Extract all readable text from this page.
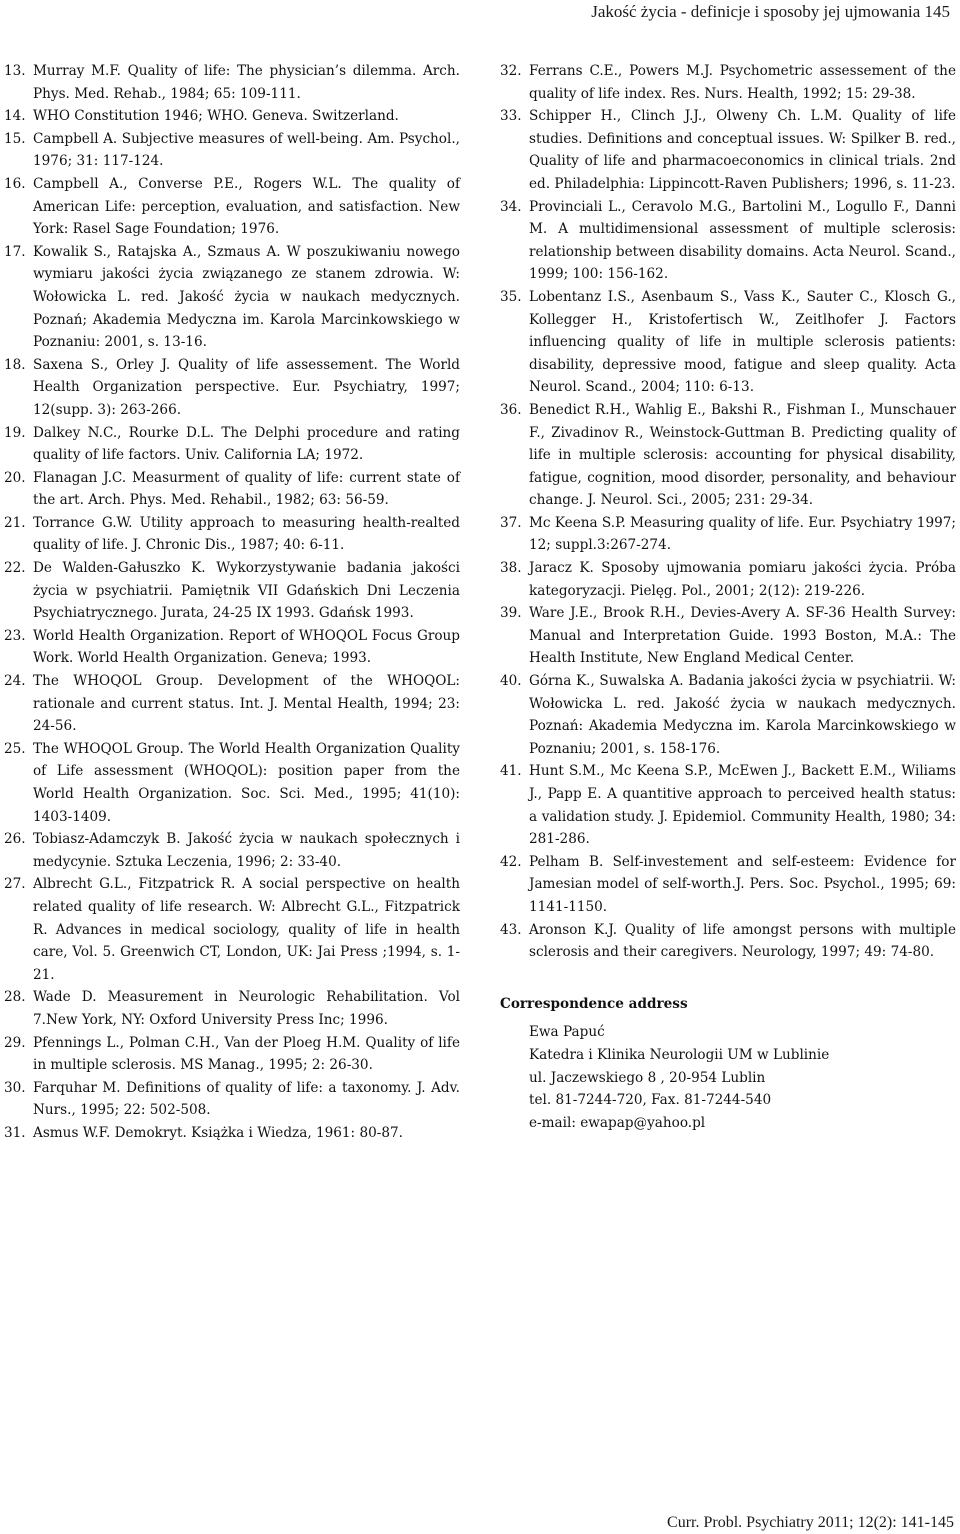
Jakość życia - definicje i sposoby jej ujmowania 145
13. Murray M.F. Quality of life: The physician’s dilemma. Arch. Phys. Med. Rehab., 1984; 65: 109-111.
14. WHO Constitution 1946; WHO. Geneva. Switzerland.
15. Campbell A. Subjective measures of well-being. Am. Psychol., 1976; 31: 117-124.
16. Campbell A., Converse P.E., Rogers W.L. The quality of American Life: perception, evaluation, and satisfaction. New York: Rasel Sage Foundation; 1976.
17. Kowalik S., Ratajska A., Szmaus A. W poszukiwaniu nowego wymiaru jakości życia związanego ze stanem zdrowia. W: Wołowicka L. red. Jakość życia w naukach medycznych. Poznań; Akademia Medyczna im. Karola Marcinkowskiego w Poznaniu: 2001, s. 13-16.
18. Saxena S., Orley J. Quality of life assessement. The World Health Organization perspective. Eur. Psychiatry, 1997; 12(supp. 3): 263-266.
19. Dalkey N.C., Rourke D.L. The Delphi procedure and rating quality of life factors. Univ. California LA; 1972.
20. Flanagan J.C. Measurment of quality of life: current state of the art. Arch. Phys. Med. Rehabil., 1982; 63: 56-59.
21. Torrance G.W. Utility approach to measuring health-realted quality of life. J. Chronic Dis., 1987; 40: 6-11.
22. De Walden-Gałuszko K. Wykorzystywanie badania jakości życia w psychiatrii. Pamiętnik VII Gdańskich Dni Leczenia Psychiatrycznego. Jurata, 24-25 IX 1993. Gdańsk 1993.
23. World Health Organization. Report of WHOQOL Focus Group Work. World Health Organization. Geneva; 1993.
24. The WHOQOL Group. Development of the WHOQOL: rationale and current status. Int. J. Mental Health, 1994; 23: 24-56.
25. The WHOQOL Group. The World Health Organization Quality of Life assessment (WHOQOL): position paper from the World Health Organization. Soc. Sci. Med., 1995; 41(10): 1403-1409.
26. Tobiasz-Adamczyk B. Jakość życia w naukach społecznych i medycynie. Sztuka Leczenia, 1996; 2: 33-40.
27. Albrecht G.L., Fitzpatrick R. A social perspective on health related quality of life research. W: Albrecht G.L., Fitzpatrick R. Advances in medical sociology, quality of life in health care, Vol. 5. Greenwich CT, London, UK: Jai Press ;1994, s. 1-21.
28. Wade D. Measurement in Neurologic Rehabilitation. Vol 7.New York, NY: Oxford University Press Inc; 1996.
29. Pfennings L., Polman C.H., Van der Ploeg H.M. Quality of life in multiple sclerosis. MS Manag., 1995; 2: 26-30.
30. Farquhar M. Definitions of quality of life: a taxonomy. J. Adv. Nurs., 1995; 22: 502-508.
31. Asmus W.F. Demokryt. Książka i Wiedza, 1961: 80-87.
32. Ferrans C.E., Powers M.J. Psychometric assessement of the quality of life index. Res. Nurs. Health, 1992; 15: 29-38.
33. Schipper H., Clinch J.J., Olweny Ch. L.M. Quality of life studies. Definitions and conceptual issues. W: Spilker B. red., Quality of life and pharmacoeconomics in clinical trials. 2nd ed. Philadelphia: Lippincott-Raven Publishers; 1996, s. 11-23.
34. Provinciali L., Ceravolo M.G., Bartolini M., Logullo F., Danni M. A multidimensional assessment of multiple sclerosis: relationship between disability domains. Acta Neurol. Scand., 1999; 100: 156-162.
35. Lobentanz I.S., Asenbaum S., Vass K., Sauter C., Klosch G., Kollegger H., Kristofertisch W., Zeitlhofer J. Factors influencing quality of life in multiple sclerosis patients: disability, depressive mood, fatigue and sleep quality. Acta Neurol. Scand., 2004; 110: 6-13.
36. Benedict R.H., Wahlig E., Bakshi R., Fishman I., Munschauer F., Zivadinov R., Weinstock-Guttman B. Predicting quality of life in multiple sclerosis: accounting for physical disability, fatigue, cognition, mood disorder, personality, and behaviour change. J. Neurol. Sci., 2005; 231: 29-34.
37. Mc Keena S.P. Measuring quality of life. Eur. Psychiatry 1997; 12; suppl.3:267-274.
38. Jaracz K. Sposoby ujmowania pomiaru jakości życia. Próba kategoryzacji. Pielęg. Pol., 2001; 2(12): 219-226.
39. Ware J.E., Brook R.H., Devies-Avery A. SF-36 Health Survey: Manual and Interpretation Guide. 1993 Boston, M.A.: The Health Institute, New England Medical Center.
40. Górna K., Suwalska A. Badania jakości życia w psychiatrii. W: Wołowicka L. red. Jakość życia w naukach medycznych. Poznań: Akademia Medyczna im. Karola Marcinkowskiego w Poznaniu; 2001, s. 158-176.
41. Hunt S.M., Mc Keena S.P., McEwen J., Backett E.M., Wiliams J., Papp E. A quantitive approach to perceived health status: a validation study. J. Epidemiol. Community Health, 1980; 34: 281-286.
42. Pelham B. Self-investement and self-esteem: Evidence for Jamesian model of self-worth.J. Pers. Soc. Psychol., 1995; 69: 1141-1150.
43. Aronson K.J. Quality of life amongst persons with multiple sclerosis and their caregivers. Neurology, 1997; 49: 74-80.
Correspondence address
Ewa Papuć
Katedra i Klinika Neurologii UM w Lublinie
ul. Jaczewskiego 8 , 20-954 Lublin
tel. 81-7244-720, Fax. 81-7244-540
e-mail: ewapap@yahoo.pl
Curr. Probl. Psychiatry 2011; 12(2): 141-145
